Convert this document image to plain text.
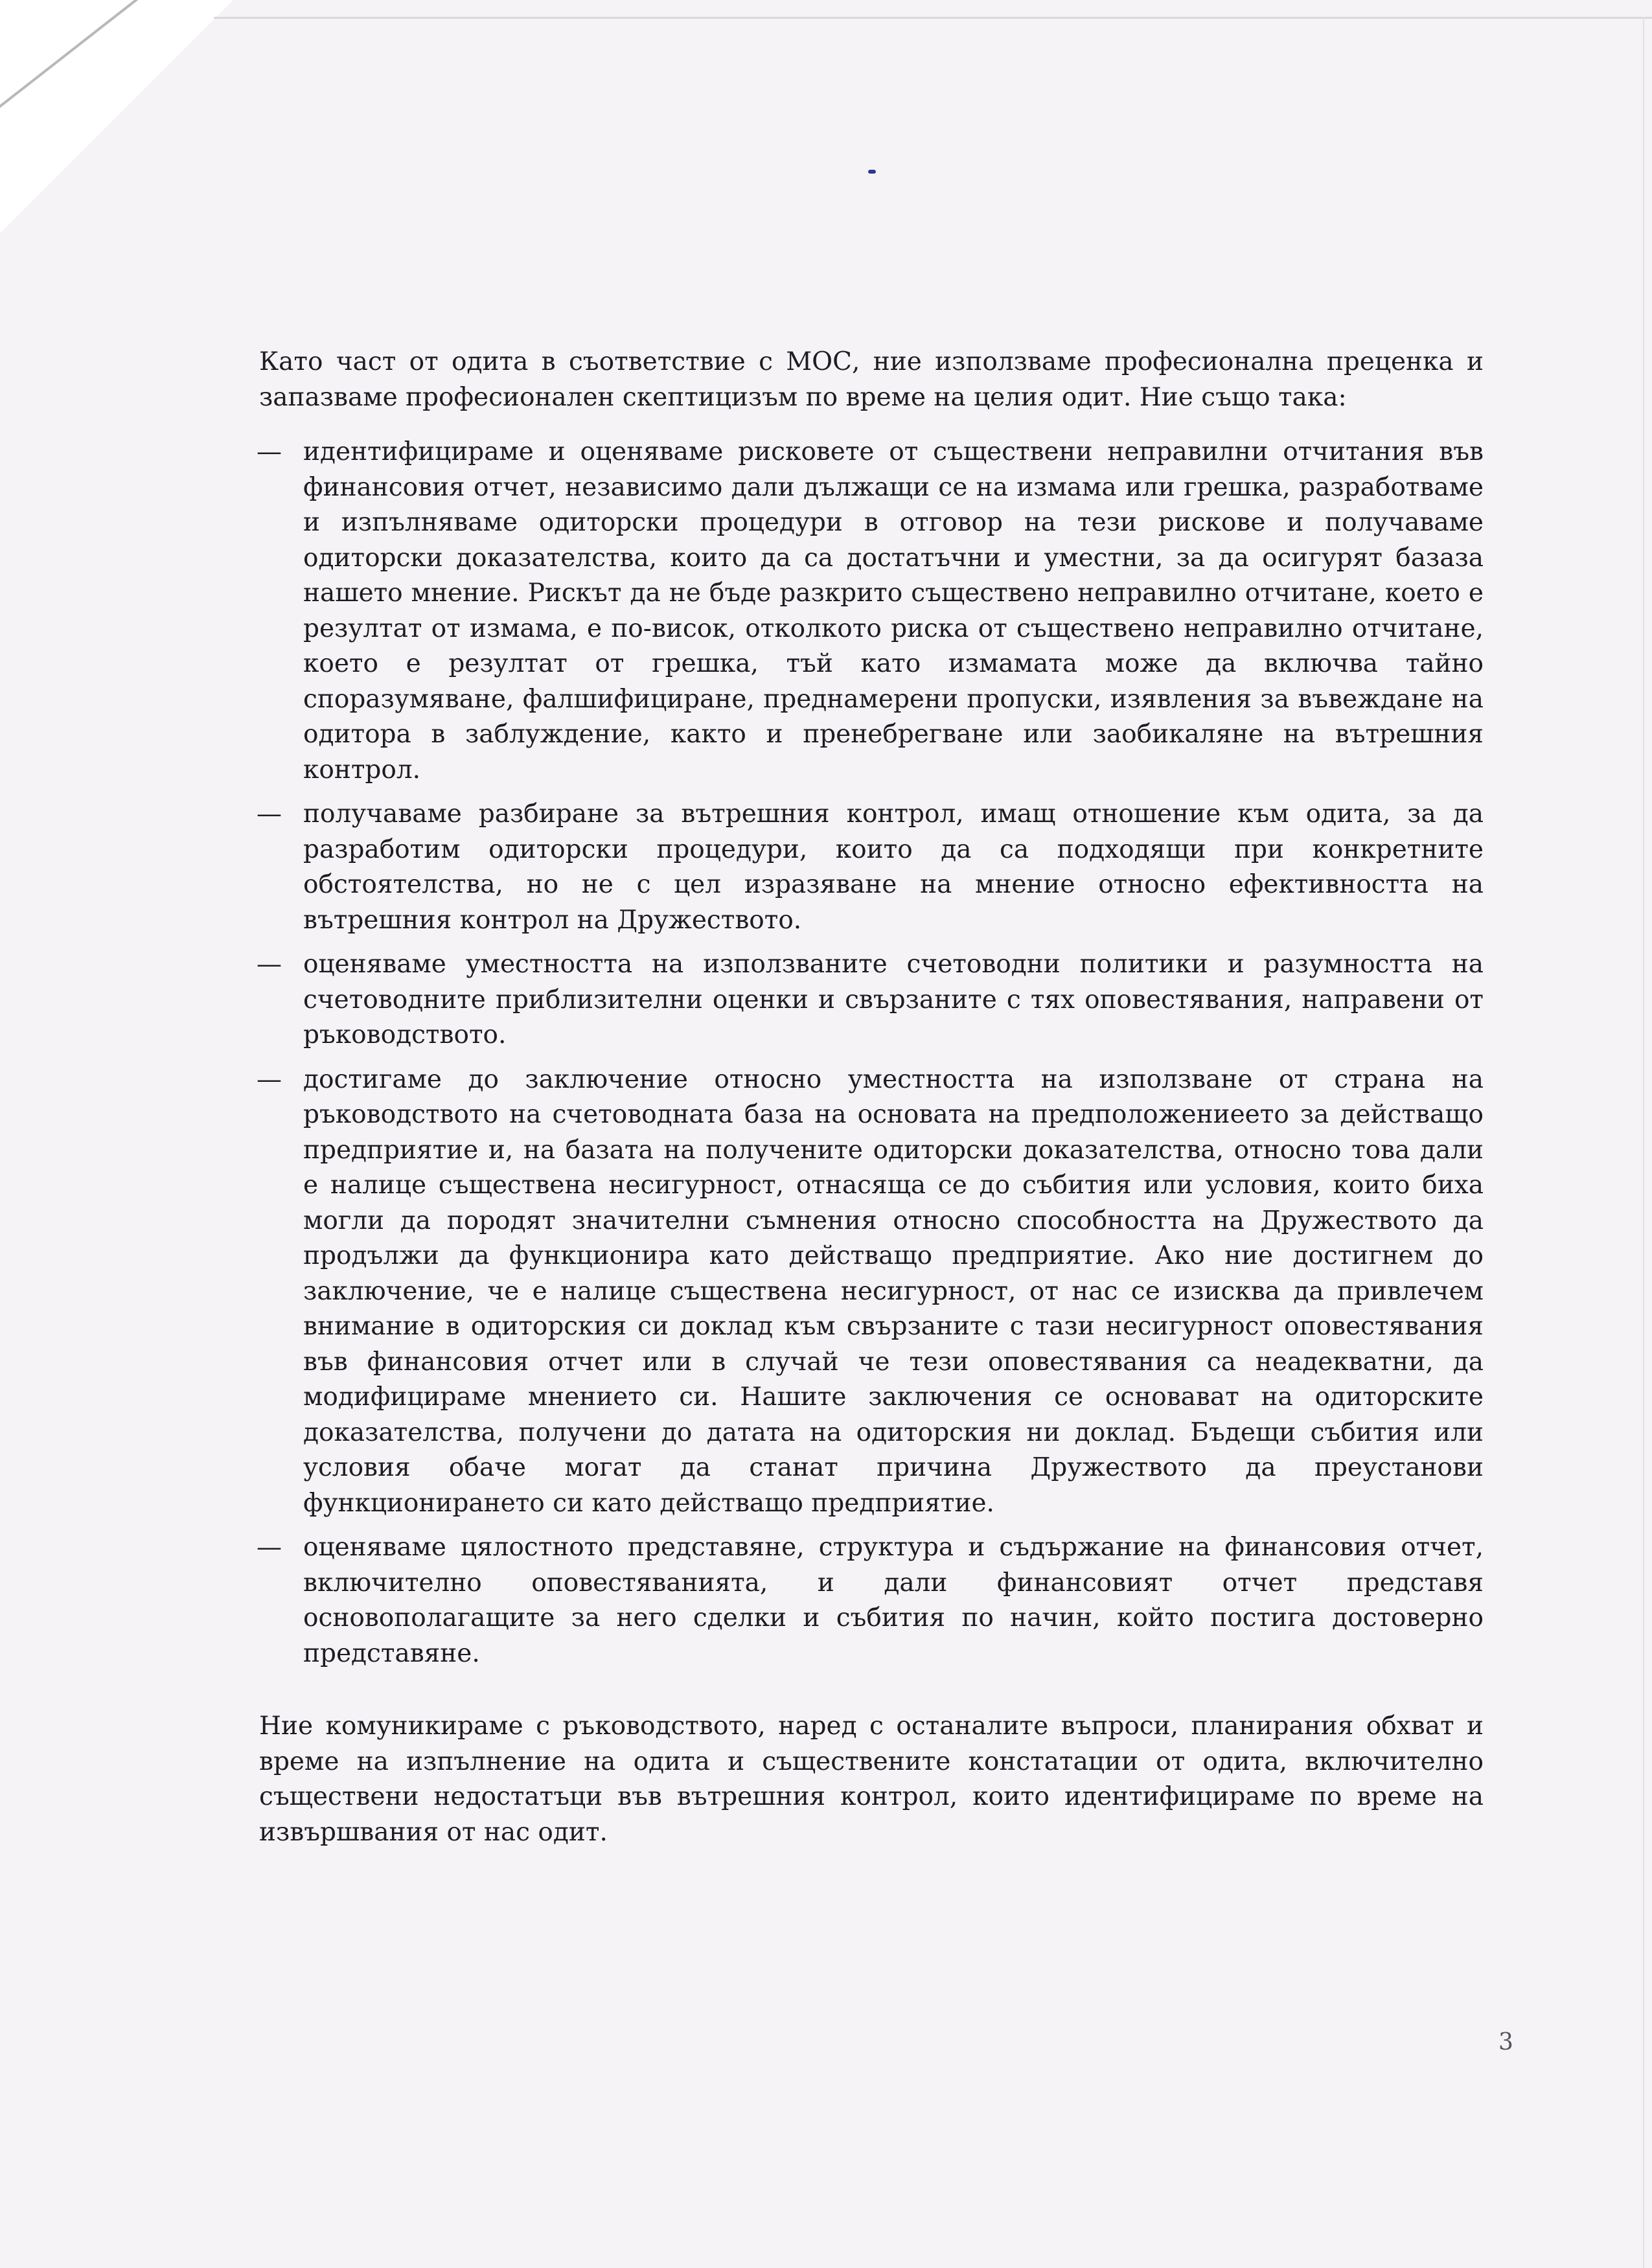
Като част от одита в съответствие с МОС, ние използваме професионална преценка и запазваме професионален скептицизъм по време на целия одит. Ние също така:

— идентифицираме и оценяваме рисковете от съществени неправилни отчитания във финансовия отчет, независимо дали дължащи се на измама или грешка, разработваме и изпълняваме одиторски процедури в отговор на тези рискове и получаваме одиторски доказателства, които да са достатъчни и уместни, за да осигурят базаза нашето мнение. Рискът да не бъде разкрито съществено неправилно отчитане, което е резултат от измама, е по-висок, отколкото риска от съществено неправилно отчитане, което е резултат от грешка, тъй като измамата може да включва тайно споразумяване, фалшифициране, преднамерени пропуски, изявления за въвеждане на одитора в заблуждение, както и пренебрегване или заобикаляне на вътрешния контрол.
— получаваме разбиране за вътрешния контрол, имащ отношение към одита, за да разработим одиторски процедури, които да са подходящи при конкретните обстоятелства, но не с цел изразяване на мнение относно ефективността на вътрешния контрол на Дружеството.
— оценяваме уместността на използваните счетоводни политики и разумността на счетоводните приблизителни оценки и свързаните с тях оповестявания, направени от ръководството.
— достигаме до заключение относно уместността на използване от страна на ръководството на счетоводната база на основата на предположениеето за действащо предприятие и, на базата на получените одиторски доказателства, относно това дали е налице съществена несигурност, отнасяща се до събития или условия, които биха могли да породят значителни съмнения относно способността на Дружеството да продължи да функционира като действащо предприятие. Ако ние достигнем до заключение, че е налице съществена несигурност, от нас се изисква да привлечем внимание в одиторския си доклад към свързаните с тази несигурност оповестявания във финансовия отчет или в случай че тези оповестявания са неадекватни, да модифицираме мнението си. Нашите заключения се основават на одиторските доказателства, получени до датата на одиторския ни доклад. Бъдещи събития или условия обаче могат да станат причина Дружеството да преустанови функционирането си като действащо предприятие.
— оценяваме цялостното представяне, структура и съдържание на финансовия отчет, включително оповестяванията, и дали финансовият отчет представя основополагащите за него сделки и събития по начин, който постига достоверно представяне.

Ние комуникираме с ръководството, наред с останалите въпроси, планирания обхват и време на изпълнение на одита и съществените констатации от одита, включително съществени недостатъци във вътрешния контрол, които идентифицираме по време на извършвания от нас одит.

3
